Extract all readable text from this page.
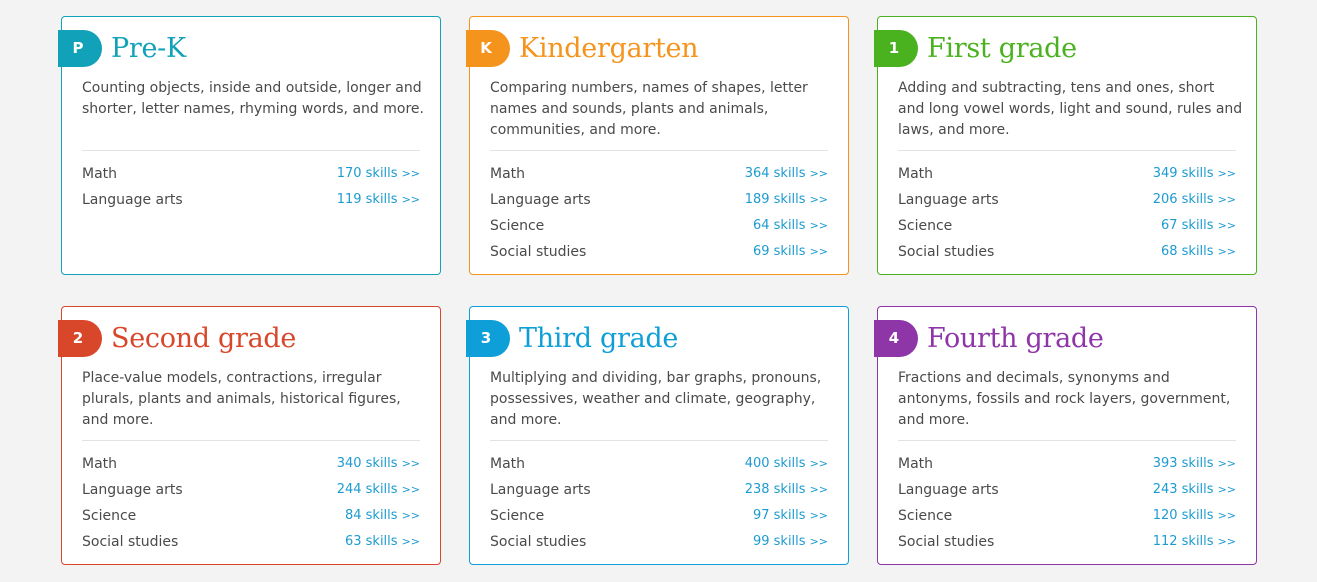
P	Pre-K
Counting objects, inside and outside, longer and shorter, letter names, rhyming words, and more.
Math	170 skills >>
Language arts	119 skills >>
K	Kindergarten
Comparing numbers, names of shapes, letter names and sounds, plants and animals, communities, and more.
Math	364 skills >>
Language arts	189 skills >>
Science	64 skills >>
Social studies	69 skills >>
1	First grade
Adding and subtracting, tens and ones, short and long vowel words, light and sound, rules and laws, and more.
Math	349 skills >>
Language arts	206 skills >>
Science	67 skills >>
Social studies	68 skills >>
2	Second grade
Place-value models, contractions, irregular plurals, plants and animals, historical figures, and more.
Math	340 skills >>
Language arts	244 skills >>
Science	84 skills >>
Social studies	63 skills >>
3	Third grade
Multiplying and dividing, bar graphs, pronouns, possessives, weather and climate, geography, and more.
Math	400 skills >>
Language arts	238 skills >>
Science	97 skills >>
Social studies	99 skills >>
4	Fourth grade
Fractions and decimals, synonyms and antonyms, fossils and rock layers, government, and more.
Math	393 skills >>
Language arts	243 skills >>
Science	120 skills >>
Social studies	112 skills >>
